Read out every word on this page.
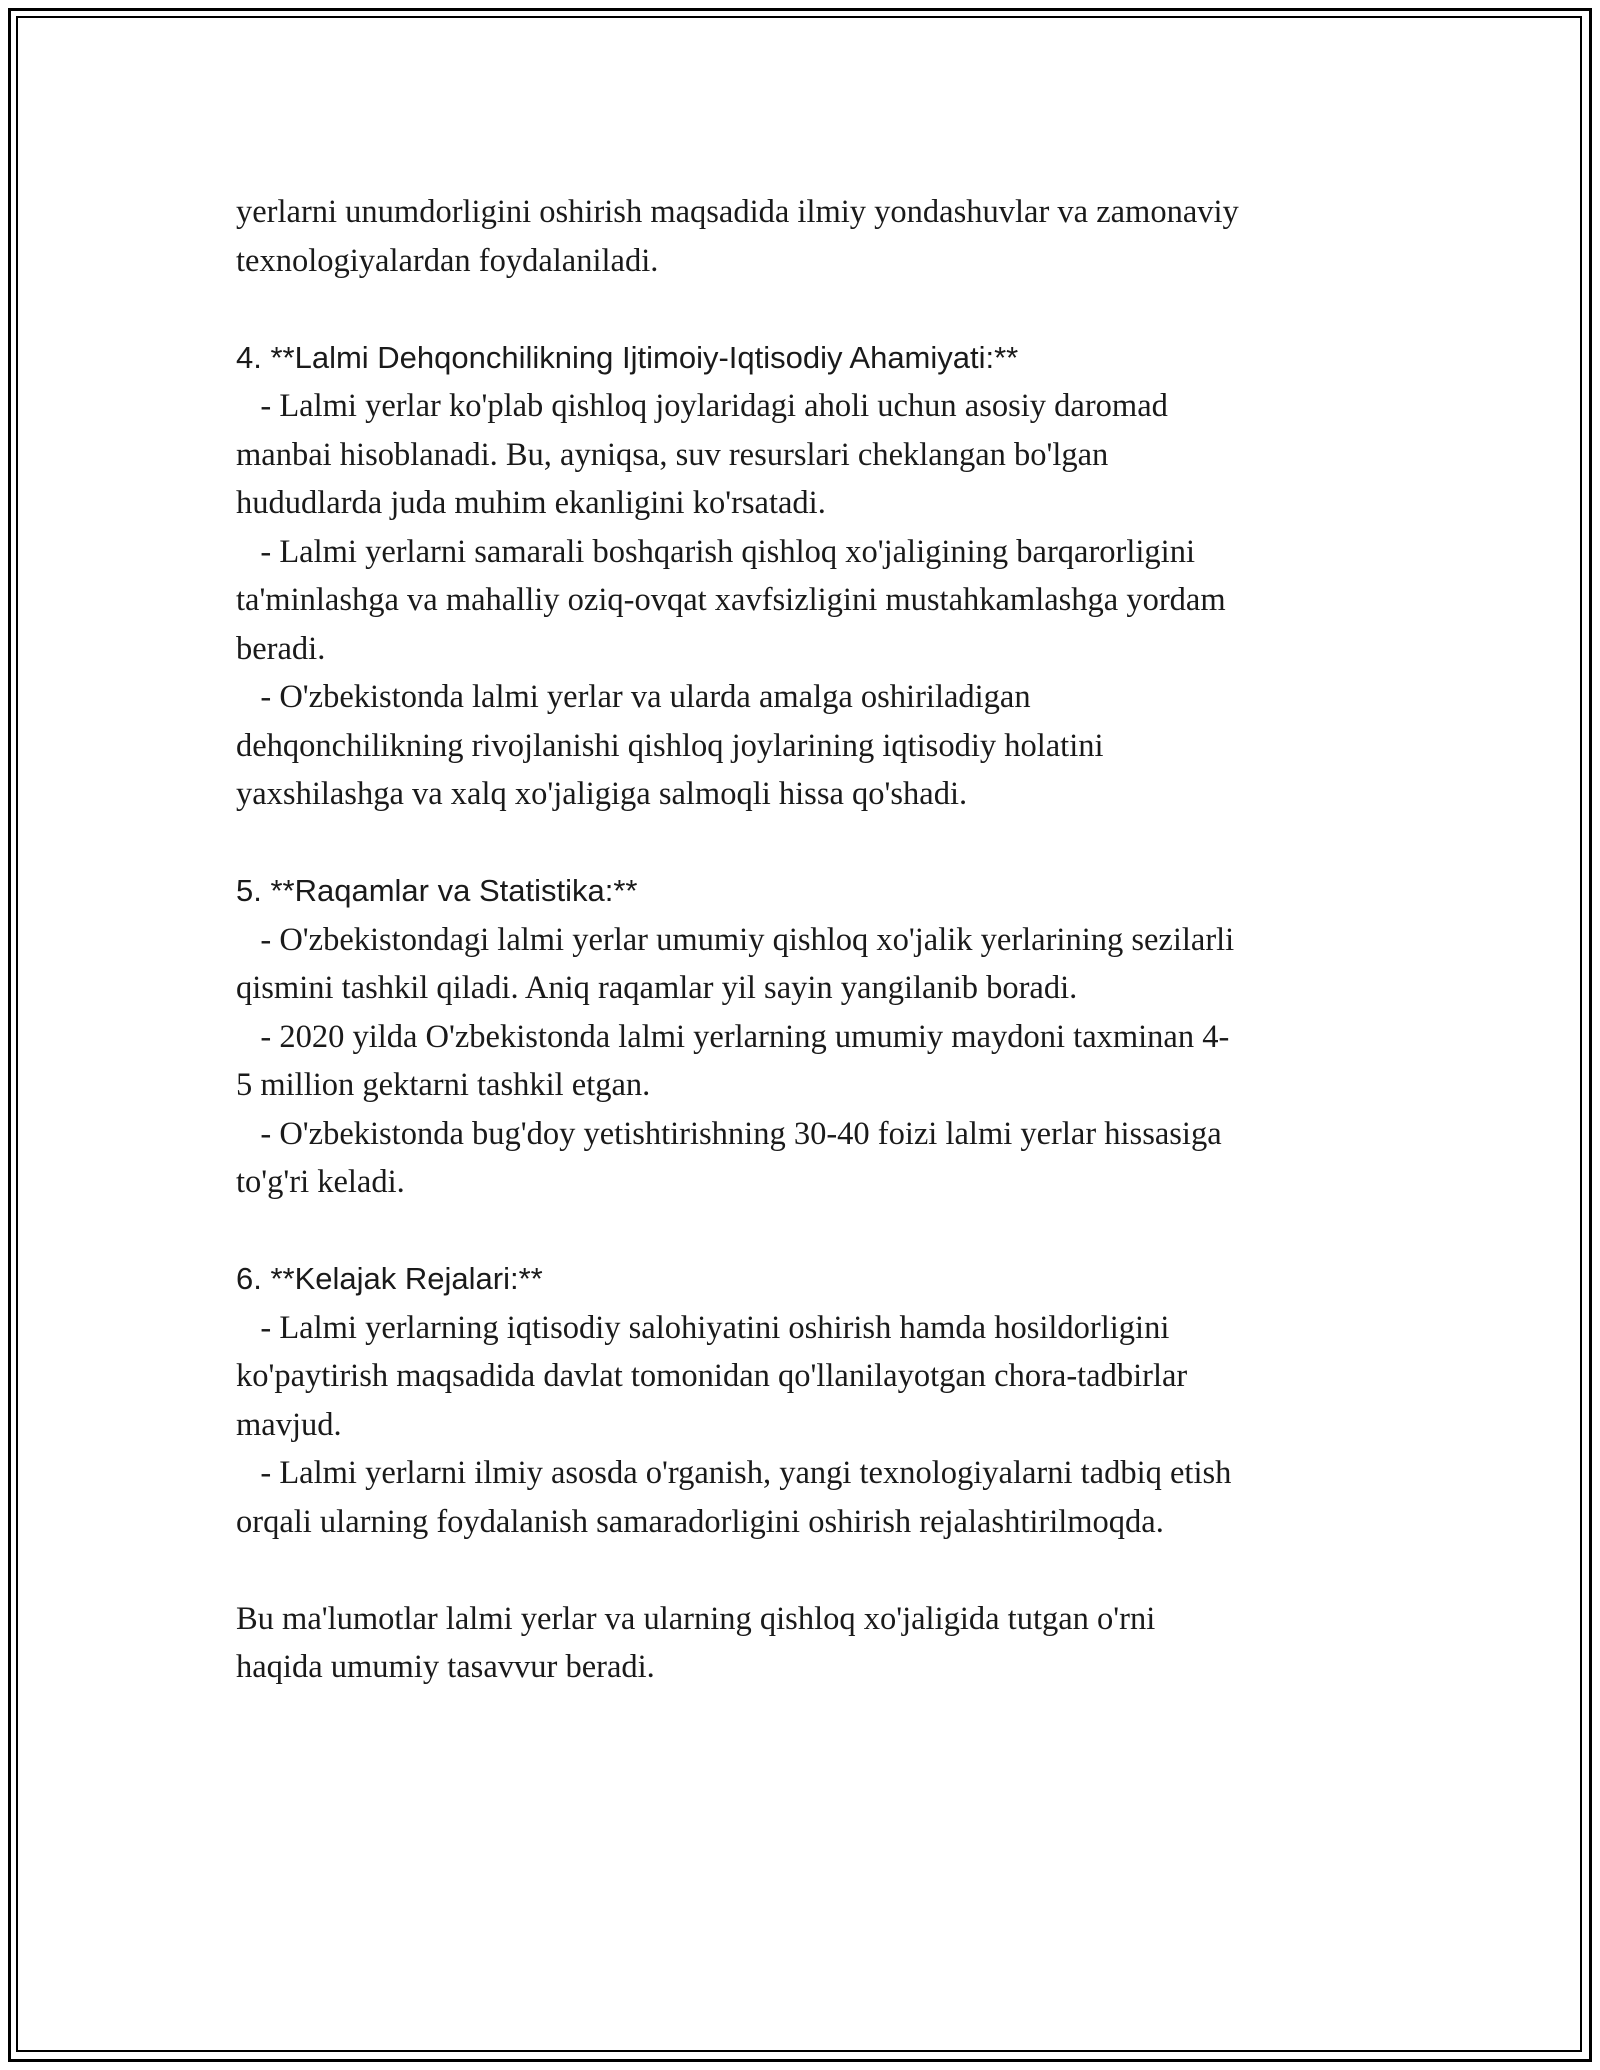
yerlarni unumdorligini oshirish maqsadida ilmiy yondashuvlar va zamonaviy
texnologiyalardan foydalaniladi.
4. **Lalmi Dehqonchilikning Ijtimoiy-Iqtisodiy Ahamiyati:**
- Lalmi yerlar ko'plab qishloq joylaridagi aholi uchun asosiy daromad
manbai hisoblanadi. Bu, ayniqsa, suv resurslari cheklangan bo'lgan
hududlarda juda muhim ekanligini ko'rsatadi.
- Lalmi yerlarni samarali boshqarish qishloq xo'jaligining barqarorligini
ta'minlashga va mahalliy oziq-ovqat xavfsizligini mustahkamlashga yordam
beradi.
- O'zbekistonda lalmi yerlar va ularda amalga oshiriladigan
dehqonchilikning rivojlanishi qishloq joylarining iqtisodiy holatini
yaxshilashga va xalq xo'jaligiga salmoqli hissa qo'shadi.
5. **Raqamlar va Statistika:**
- O'zbekistondagi lalmi yerlar umumiy qishloq xo'jalik yerlarining sezilarli
qismini tashkil qiladi. Aniq raqamlar yil sayin yangilanib boradi.
- 2020 yilda O'zbekistonda lalmi yerlarning umumiy maydoni taxminan 4-
5 million gektarni tashkil etgan.
- O'zbekistonda bug'doy yetishtirishning 30-40 foizi lalmi yerlar hissasiga
to'g'ri keladi.
6. **Kelajak Rejalari:**
- Lalmi yerlarning iqtisodiy salohiyatini oshirish hamda hosildorligini
ko'paytirish maqsadida davlat tomonidan qo'llanilayotgan chora-tadbirlar
mavjud.
- Lalmi yerlarni ilmiy asosda o'rganish, yangi texnologiyalarni tadbiq etish
orqali ularning foydalanish samaradorligini oshirish rejalashtirilmoqda.
Bu ma'lumotlar lalmi yerlar va ularning qishloq xo'jaligida tutgan o'rni
haqida umumiy tasavvur beradi.
